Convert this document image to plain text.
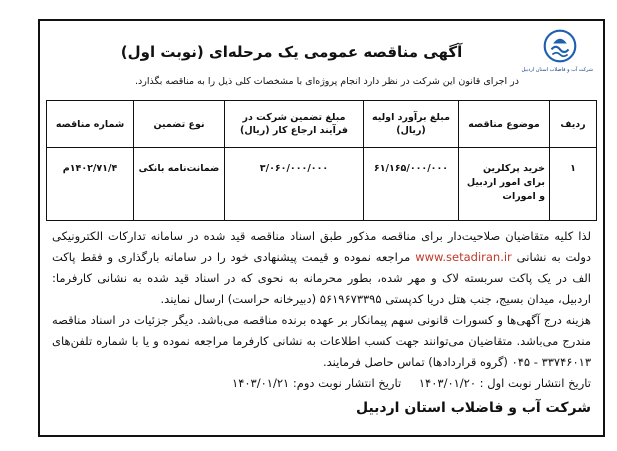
شرکت آب و فاضلاب استان اردبیل
آگهی مناقصه عمومی یک مرحله‌ای (نوبت اول)
در اجرای قانون این شرکت در نظر دارد انجام پروژه‌ای با مشخصات کلی ذیل را به مناقصه بگذارد.
ردیف	موضوع مناقصه	مبلغ برآورد اولیه (ریال)	مبلغ تضمین شرکت در فرآیند ارجاع کار (ریال)	نوع تضمین	شماره مناقصه
۱	خرید پرکلرین برای امور اردبیل و امورات	۶۱/۱۶۵/۰۰۰/۰۰۰	۳/۰۶۰/۰۰۰/۰۰۰	ضمانت‌نامه بانکی	۱۴۰۲/۷۱/۴م

لذا کلیه متقاضیان صلاحیت‌دار برای مناقصه مذکور طبق اسناد مناقصه قید شده در سامانه تدارکات الکترونیکی دولت به نشانی www.setadiran.ir مراجعه نموده و قیمت پیشنهادی خود را در سامانه بارگذاری و فقط پاکت الف در یک پاکت سربسته لاک و مهر شده، بطور محرمانه به نحوی که در اسناد قید شده به نشانی کارفرما: اردبیل، میدان بسیج، جنب هتل دریا کدپستی ۵۶۱۹۶۷۳۳۹۵ (دبیرخانه حراست) ارسال نمایند.

هزینه درج آگهی‌ها و کسورات قانونی سهم پیمانکار بر عهده برنده مناقصه می‌باشد. دیگر جزئیات در اسناد مناقصه مندرج می‌باشد. متقاضیان می‌توانند جهت کسب اطلاعات به نشانی کارفرما مراجعه نموده و یا با شماره تلفن‌های ۳۳۷۴۶۰۱۳ - ۰۴۵ (گروه قراردادها) تماس حاصل فرمایند.

تاریخ انتشار نوبت اول : ۱۴۰۳/۰۱/۲۰ تاریخ انتشار نوبت دوم: ۱۴۰۳/۰۱/۲۱
شرکت آب و فاضلاب استان اردبیل
